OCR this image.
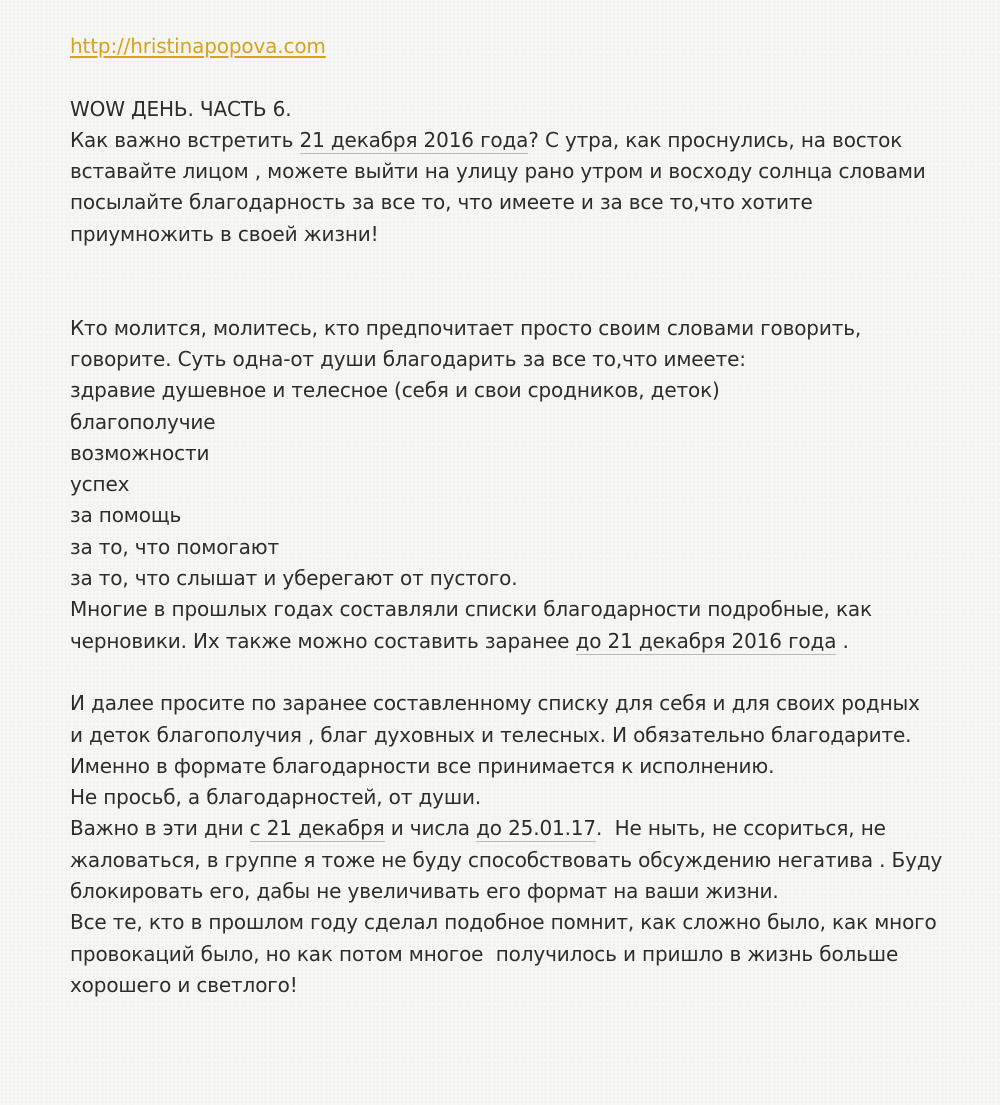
http://hristinapopova.com
WOW ДЕНЬ. ЧАСТЬ 6.
Как важно встретить 21 декабря 2016 года? С утра, как проснулись, на восток
вставайте лицом , можете выйти на улицу рано утром и восходу солнца словами
посылайте благодарность за все то, что имеете и за все то,что хотите
приумножить в своей жизни!
Кто молится, молитесь, кто предпочитает просто своим словами говорить,
говорите. Суть одна-от души благодарить за все то,что имеете:
здравие душевное и телесное (себя и свои сродников, деток)
благополучие
возможности
успех
за помощь
за то, что помогают
за то, что слышат и уберегают от пустого.
Многие в прошлых годах составляли списки благодарности подробные, как
черновики. Их также можно составить заранее до 21 декабря 2016 года .
И далее просите по заранее составленному списку для себя и для своих родных
и деток благополучия , благ духовных и телесных. И обязательно благодарите.
Именно в формате благодарности все принимается к исполнению.
Не просьб, а благодарностей, от души.
Важно в эти дни с 21 декабря и числа до 25.01.17.  Не ныть, не ссориться, не
жаловаться, в группе я тоже не буду способствовать обсуждению негатива . Буду
блокировать его, дабы не увеличивать его формат на ваши жизни.
Все те, кто в прошлом году сделал подобное помнит, как сложно было, как много
провокаций было, но как потом многое  получилось и пришло в жизнь больше
хорошего и светлого!
